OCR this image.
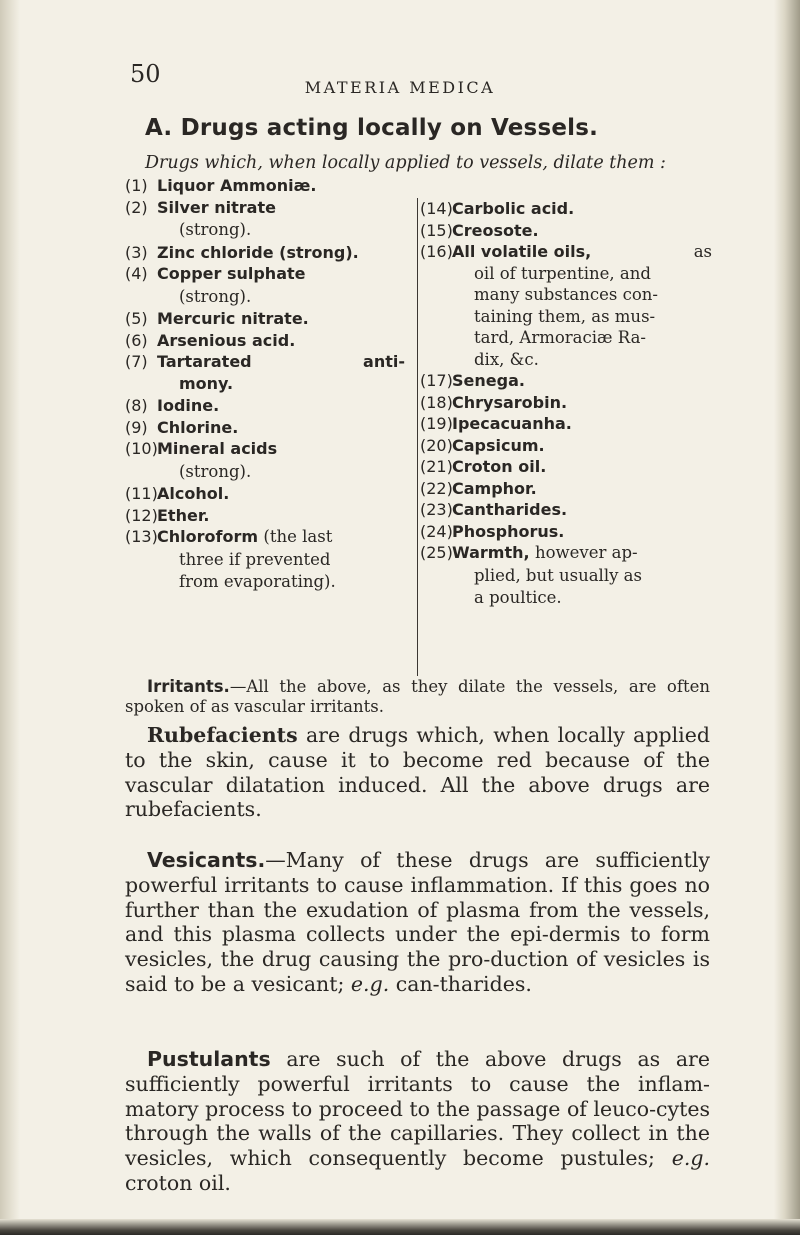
50	MATERIA MEDICA
A. Drugs acting locally on Vessels.
Drugs which, when locally applied to vessels, dilate them :
(1) Liquor Ammoniæ.
(2) Silver nitrate
(strong).
(3) Zinc chloride (strong).
(4) Copper sulphate
(strong).
(5) Mercuric nitrate.
(6) Arsenious acid.
(7) Tartarated	anti-
mony.
(8) Iodine.
(9) Chlorine.
(10) Mineral acids
(strong).
(11) Alcohol.
(12) Ether.
(13) Chloroform (the last
three if prevented
from evaporating).
(14) Carbolic acid.
(15) Creosote.
(16) All volatile oils,	as
oil of turpentine, and
many substances con-
taining them, as mus-
tard, Armoraciæ Ra-
dix, &c.
(17) Senega.
(18) Chrysarobin.
(19) Ipecacuanha.
(20) Capsicum.
(21) Croton oil.
(22) Camphor.
(23) Cantharides.
(24) Phosphorus.
(25) Warmth, however ap-
plied, but usually as
a poultice.
Irritants.—All the above, as they dilate the vessels, are often spoken of as vascular irritants.
Rubefacients are drugs which, when locally applied to the skin, cause it to become red because of the vascular dilatation induced. All the above drugs are rubefacients.
Vesicants.—Many of these drugs are sufficiently powerful irritants to cause inflammation. If this goes no further than the exudation of plasma from the vessels, and this plasma collects under the epi-dermis to form vesicles, the drug causing the pro-duction of vesicles is said to be a vesicant; e.g. can-tharides.
Pustulants are such of the above drugs as are sufficiently powerful irritants to cause the inflam-matory process to proceed to the passage of leuco-cytes through the walls of the capillaries. They collect in the vesicles, which consequently become pustules; e.g. croton oil.
